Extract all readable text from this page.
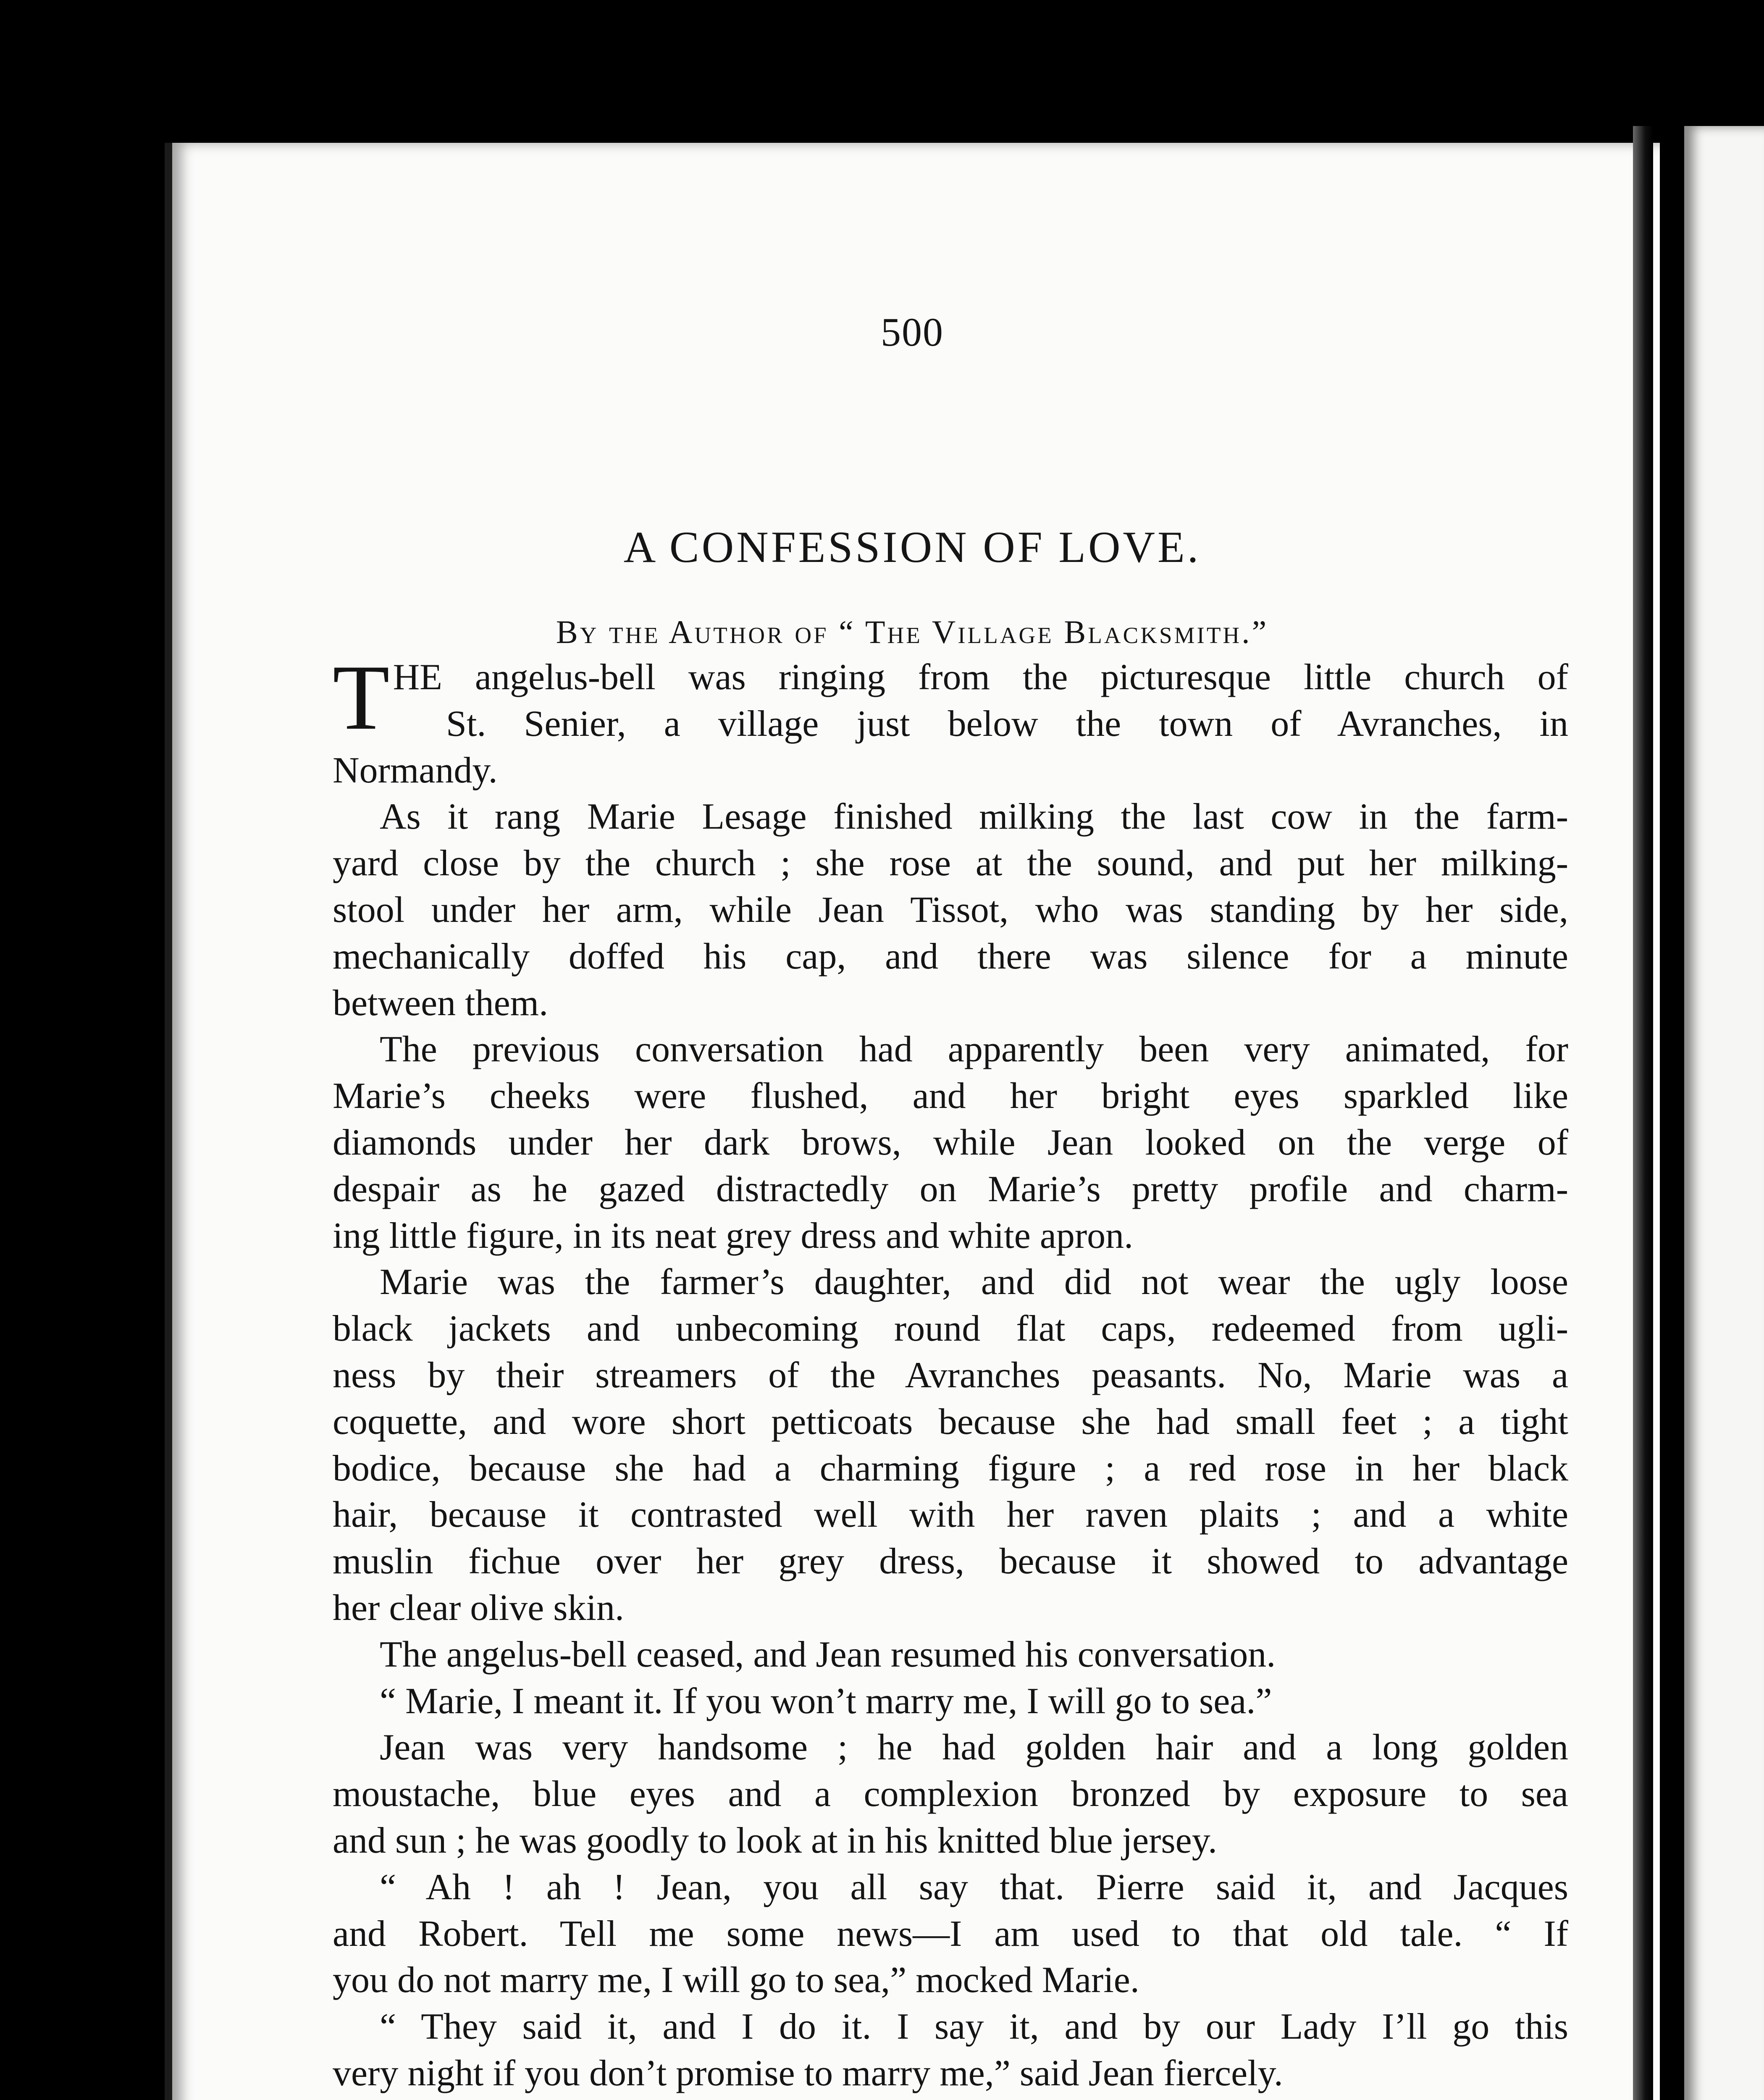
500
A CONFESSION OF LOVE.
By the Author of “ The Village Blacksmith.”
T HE angelus-bell was ringing from the picturesque little church of
St. Senier, a village just below the town of Avranches, in
Normandy.
As it rang Marie Lesage finished milking the last cow in the farm-
yard close by the church ; she rose at the sound, and put her milking-
stool under her arm, while Jean Tissot, who was standing by her side,
mechanically doffed his cap, and there was silence for a minute
between them.
The previous conversation had apparently been very animated, for
Marie’s cheeks were flushed, and her bright eyes sparkled like
diamonds under her dark brows, while Jean looked on the verge of
despair as he gazed distractedly on Marie’s pretty profile and charm-
ing little figure, in its neat grey dress and white apron.
Marie was the farmer’s daughter, and did not wear the ugly loose
black jackets and unbecoming round flat caps, redeemed from ugli-
ness by their streamers of the Avranches peasants. No, Marie was a
coquette, and wore short petticoats because she had small feet ; a tight
bodice, because she had a charming figure ; a red rose in her black
hair, because it contrasted well with her raven plaits ; and a white
muslin fichue over her grey dress, because it showed to advantage
her clear olive skin.
The angelus-bell ceased, and Jean resumed his conversation.
“ Marie, I meant it. If you won’t marry me, I will go to sea.”
Jean was very handsome ; he had golden hair and a long golden
moustache, blue eyes and a complexion bronzed by exposure to sea
and sun ; he was goodly to look at in his knitted blue jersey.
“ Ah ! ah ! Jean, you all say that. Pierre said it, and Jacques
and Robert. Tell me some news—I am used to that old tale. “ If
you do not marry me, I will go to sea,” mocked Marie.
“ They said it, and I do it. I say it, and by our Lady I’ll go this
very night if you don’t promise to marry me,” said Jean fiercely.
